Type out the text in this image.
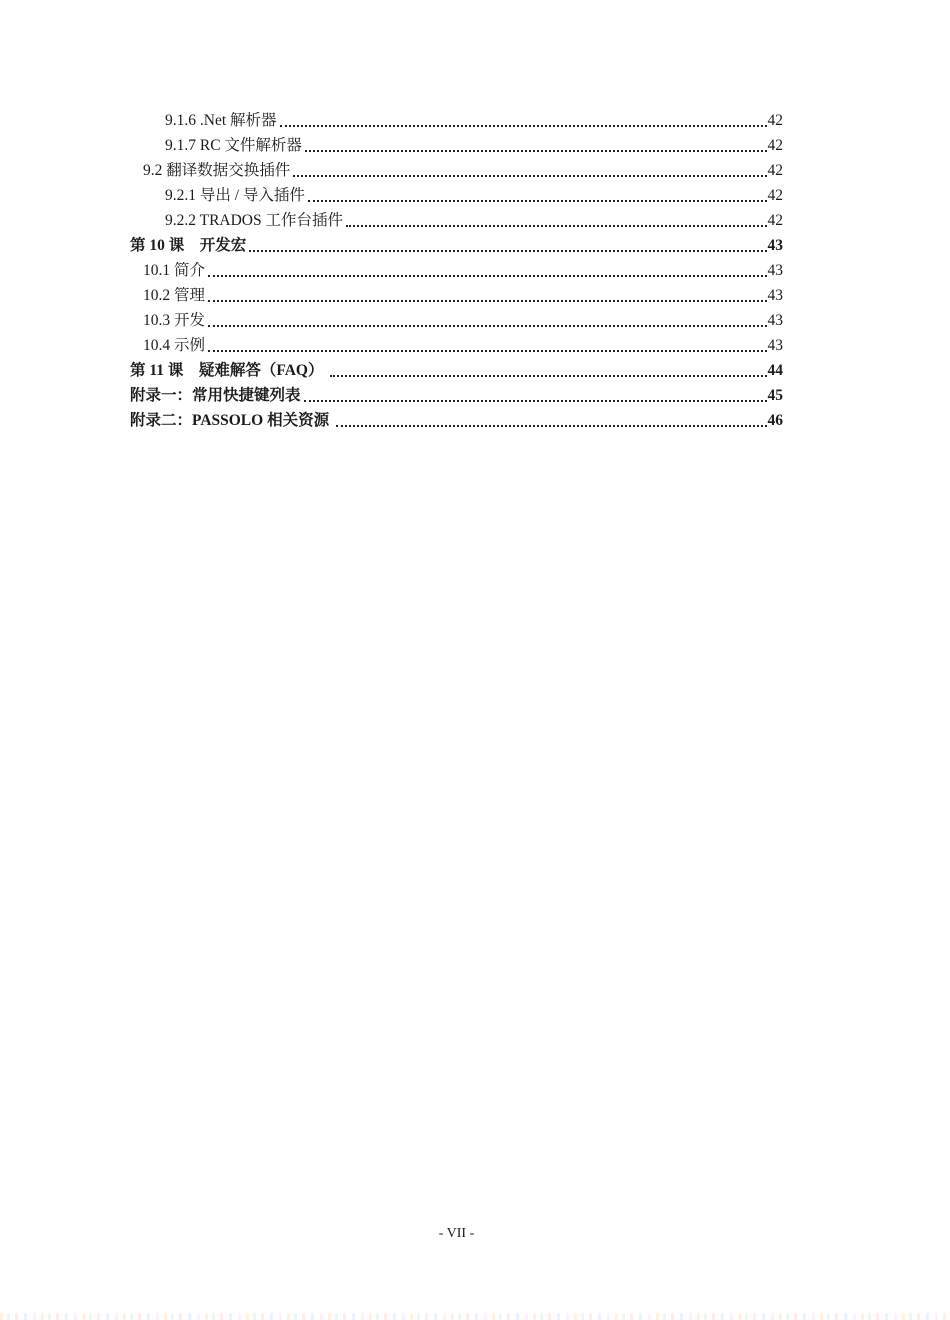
9.1.6 .Net 解析器	42
9.1.7 RC 文件解析器	42
9.2 翻译数据交换插件	42
9.2.1 导出 / 导入插件	42
9.2.2 TRADOS 工作台插件	42
第 10 课　开发宏	43
10.1 简介	43
10.2 管理	43
10.3 开发	43
10.4 示例	43
第 11 课　疑难解答（FAQ）	44
附录一：常用快捷键列表	45
附录二：PASSOLO 相关资源	46
- VII -
